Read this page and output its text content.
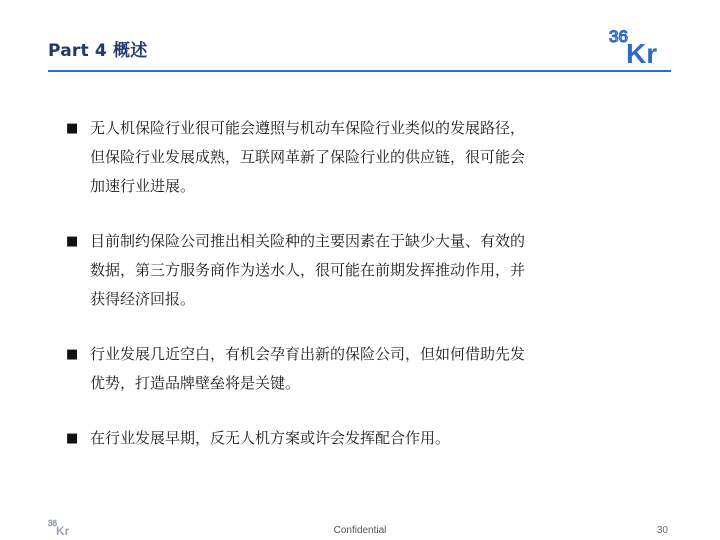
Part 4 概述
36
Kr
■ 无人机保险行业很可能会遵照与机动车保险行业类似的发展路径，
但保险行业发展成熟，互联网革新了保险行业的供应链，很可能会
加速行业进展。
■ 目前制约保险公司推出相关险种的主要因素在于缺少大量、有效的
数据，第三方服务商作为送水人，很可能在前期发挥推动作用，并
获得经济回报。
■ 行业发展几近空白，有机会孕育出新的保险公司，但如何借助先发
优势，打造品牌壁垒将是关键。
■ 在行业发展早期，反无人机方案或许会发挥配合作用。
36
Kr	Confidential	30
